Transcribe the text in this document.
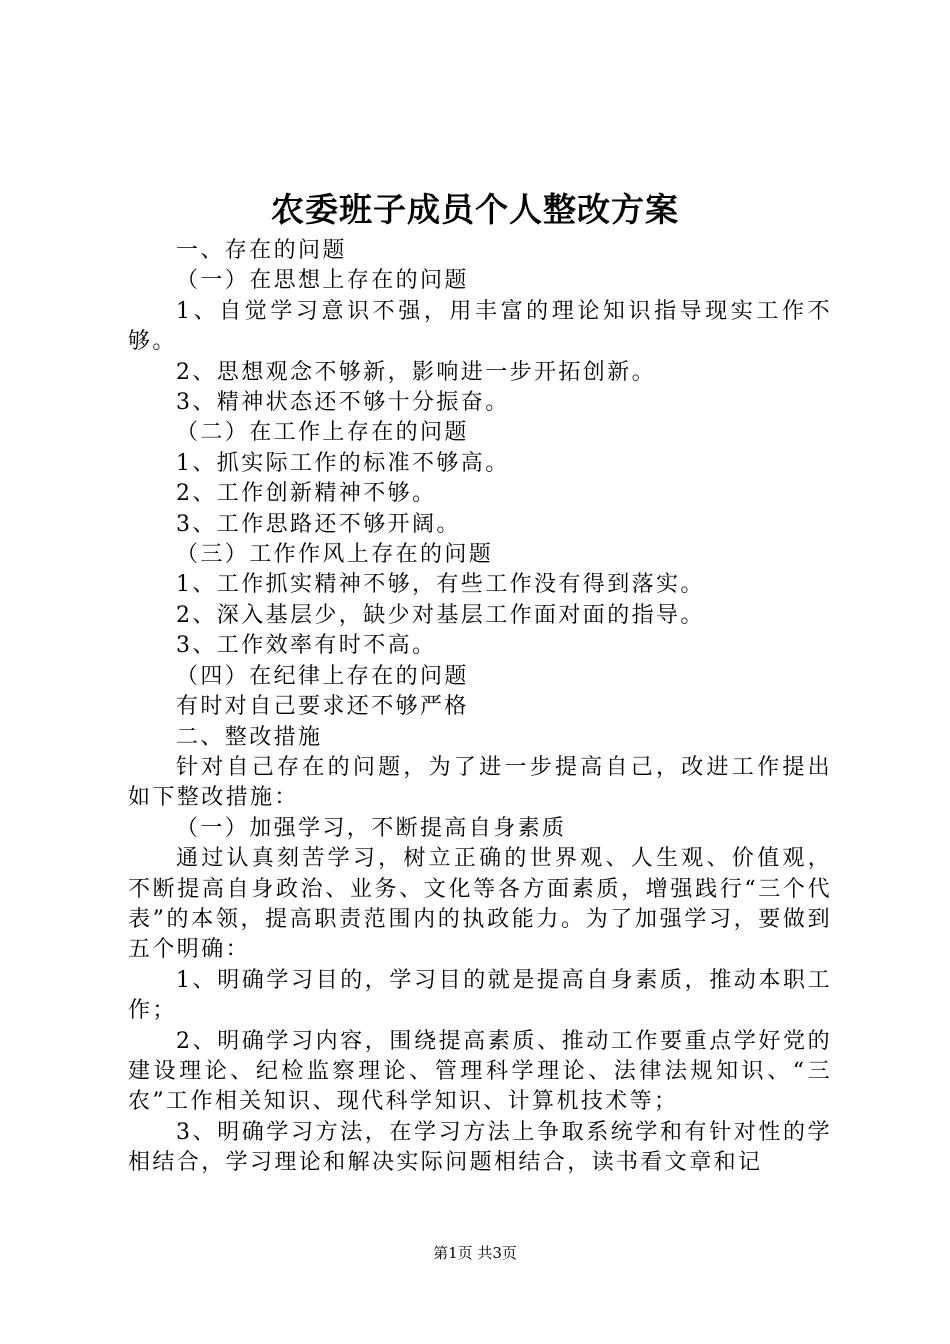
农委班子成员个人整改方案

一、存在的问题

（一）在思想上存在的问题

1、自觉学习意识不强，用丰富的理论知识指导现实工作不够。

2、思想观念不够新，影响进一步开拓创新。

3、精神状态还不够十分振奋。

（二）在工作上存在的问题

1、抓实际工作的标准不够高。

2、工作创新精神不够。

3、工作思路还不够开阔。

（三）工作作风上存在的问题

1、工作抓实精神不够，有些工作没有得到落实。

2、深入基层少，缺少对基层工作面对面的指导。

3、工作效率有时不高。

（四）在纪律上存在的问题

有时对自己要求还不够严格

二、整改措施

针对自己存在的问题，为了进一步提高自己，改进工作提出如下整改措施：

（一）加强学习，不断提高自身素质

通过认真刻苦学习，树立正确的世界观、人生观、价值观，不断提高自身政治、业务、文化等各方面素质，增强践行“三个代表”的本领，提高职责范围内的执政能力。为了加强学习，要做到五个明确：

1、明确学习目的，学习目的就是提高自身素质，推动本职工作；

2、明确学习内容，围绕提高素质、推动工作要重点学好党的建设理论、纪检监察理论、管理科学理论、法律法规知识、“三农”工作相关知识、现代科学知识、计算机技术等；

3、明确学习方法，在学习方法上争取系统学和有针对性的学相结合，学习理论和解决实际问题相结合，读书看文章和记

第1页 共3页
